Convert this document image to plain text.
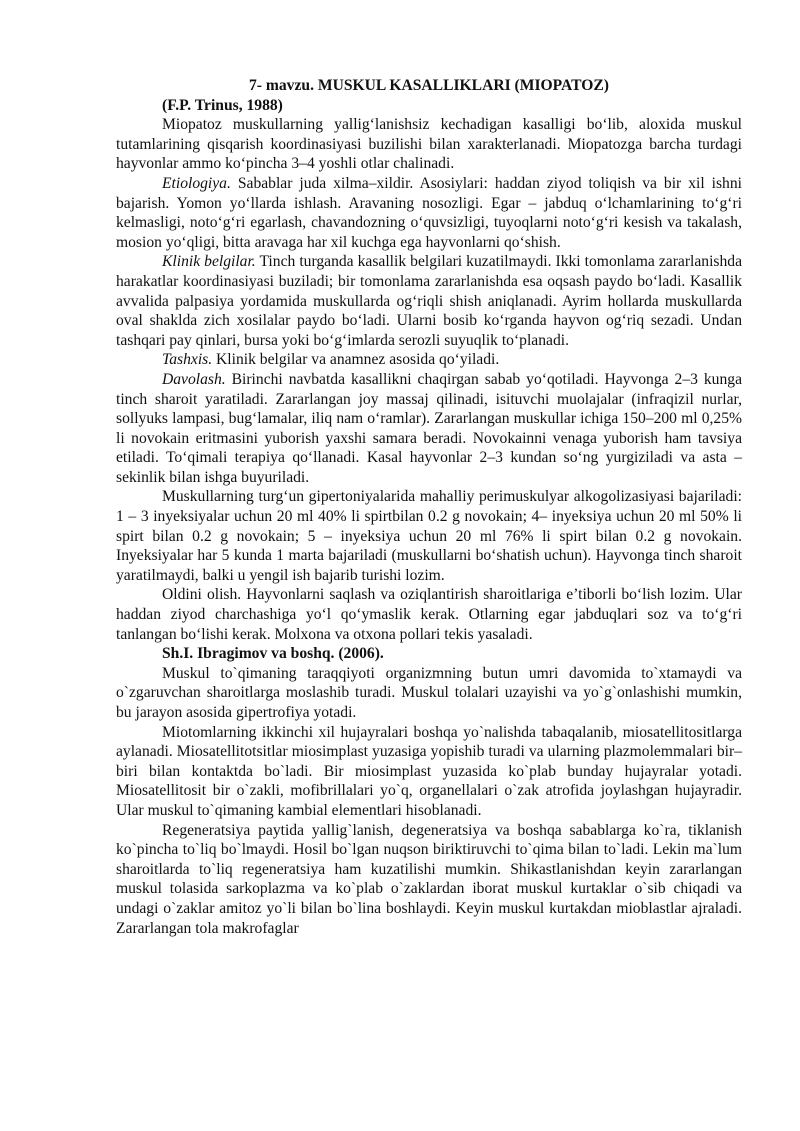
7- mavzu. MUSKUL KASALLIKLARI (MIOPATOZ)

(F.P. Trinus, 1988)

Miopatoz muskullarning yallig‘lanishsiz kechadigan kasalligi bo‘lib, aloxida muskul tutamlarining qisqarish koordinasiyasi buzilishi bilan xarakterlanadi. Miopatozga barcha turdagi hayvonlar ammo ko‘pincha 3–4 yoshli otlar chalinadi.

Etiologiya. Sabablar juda xilma–xildir. Asosiylari: haddan ziyod toliqish va bir xil ishni bajarish. Yomon yo‘llarda ishlash. Aravaning nosozligi. Egar – jabduq o‘lchamlarining to‘g‘ri kelmasligi, noto‘g‘ri egarlash, chavandozning o‘quvsizligi, tuyoqlarni noto‘g‘ri kesish va takalash, mosion yo‘qligi, bitta aravaga har xil kuchga ega hayvonlarni qo‘shish.

Klinik belgilar. Tinch turganda kasallik belgilari kuzatilmaydi. Ikki tomonlama zararlanishda harakatlar koordinasiyasi buziladi; bir tomonlama zararlanishda esa oqsash paydo bo‘ladi. Kasallik avvalida palpasiya yordamida muskullarda og‘riqli shish aniqlanadi. Ayrim hollarda muskullarda oval shaklda zich xosilalar paydo bo‘ladi. Ularni bosib ko‘rganda hayvon og‘riq sezadi. Undan tashqari pay qinlari, bursa yoki bo‘g‘imlarda serozli suyuqlik to‘planadi.

Tashxis. Klinik belgilar va anamnez asosida qo‘yiladi.

Davolash. Birinchi navbatda kasallikni chaqirgan sabab yo‘qotiladi. Hayvonga 2–3 kunga tinch sharoit yaratiladi. Zararlangan joy massaj qilinadi, isituvchi muolajalar (infraqizil nurlar, sollyuks lampasi, bug‘lamalar, iliq nam o‘ramlar). Zararlangan muskullar ichiga 150–200 ml 0,25% li novokain eritmasini yuborish yaxshi samara beradi. Novokainni venaga yuborish ham tavsiya etiladi. To‘qimali terapiya qo‘llanadi. Kasal hayvonlar 2–3 kundan so‘ng yurgiziladi va asta – sekinlik bilan ishga buyuriladi.

Muskullarning turg‘un gipertoniyalarida mahalliy perimuskulyar alkogolizasiyasi bajariladi: 1 – 3 inyeksiyalar uchun 20 ml 40% li spirtbilan 0.2 g novokain; 4– inyeksiya uchun 20 ml 50% li spirt bilan 0.2 g novokain; 5 – inyeksiya uchun 20 ml 76% li spirt bilan 0.2 g novokain. Inyeksiyalar har 5 kunda 1 marta bajariladi (muskullarni bo‘shatish uchun). Hayvonga tinch sharoit yaratilmaydi, balki u yengil ish bajarib turishi lozim.

Oldini olish. Hayvonlarni saqlash va oziqlantirish sharoitlariga e’tiborli bo‘lish lozim. Ular haddan ziyod charchashiga yo‘l qo‘ymaslik kerak. Otlarning egar jabduqlari soz va to‘g‘ri tanlangan bo‘lishi kerak. Molxona va otxona pollari tekis yasaladi.

Sh.I. Ibragimov va boshq. (2006).

Muskul to`qimaning taraqqiyoti organizmning butun umri davomida to`xtamaydi va o`zgaruvchan sharoitlarga moslashib turadi. Muskul tolalari uzayishi va yo`g`onlashishi mumkin, bu jarayon asosida gipertrofiya yotadi.

Miotomlarning ikkinchi xil hujayralari boshqa yo`nalishda tabaqalanib, miosatellitositlarga aylanadi. Miosatellitotsitlar miosimplast yuzasiga yopishib turadi va ularning plazmolemmalari bir–biri bilan kontaktda bo`ladi. Bir miosimplast yuzasida ko`plab bunday hujayralar yotadi. Miosatellitosit bir o`zakli, mofibrillalari yo`q, organellalari o`zak atrofida joylashgan hujayradir. Ular muskul to`qimaning kambial elementlari hisoblanadi.

Regeneratsiya paytida yallig`lanish, degeneratsiya va boshqa sabablarga ko`ra, tiklanish ko`pincha to`liq bo`lmaydi. Hosil bo`lgan nuqson biriktiruvchi to`qima bilan to`ladi. Lekin ma`lum sharoitlarda to`liq regeneratsiya ham kuzatilishi mumkin. Shikastlanishdan keyin zararlangan muskul tolasida sarkoplazma va ko`plab o`zaklardan iborat muskul kurtaklar o`sib chiqadi va undagi o`zaklar amitoz yo`li bilan bo`lina boshlaydi. Keyin muskul kurtakdan mioblastlar ajraladi. Zararlangan tola makrofaglar
